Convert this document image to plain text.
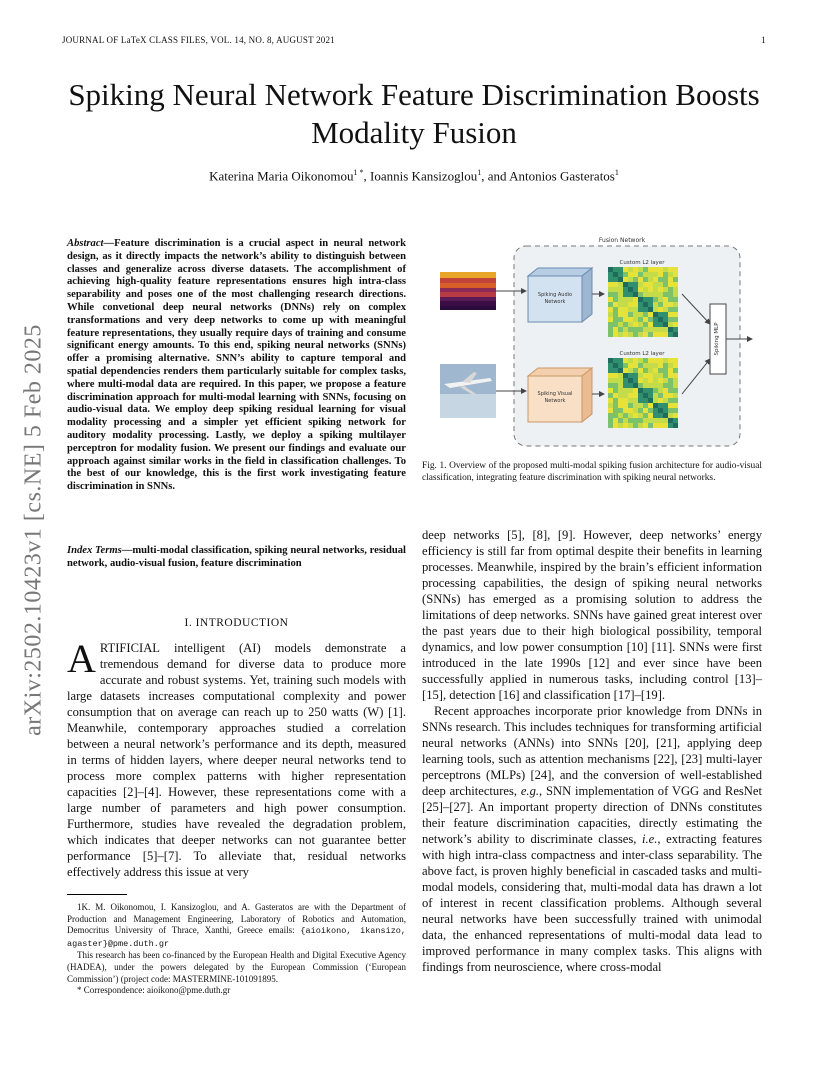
JOURNAL OF LaTeX CLASS FILES, VOL. 14, NO. 8, AUGUST 2021	1
Spiking Neural Network Feature Discrimination Boosts Modality Fusion
Katerina Maria Oikonomou$^{1 *}$, Ioannis Kansizoglou$^1$, and Antonios Gasteratos$^1$
arXiv:2502.10423v1 [cs.NE] 5 Feb 2025
Abstract—Feature discrimination is a crucial aspect in neural network design, as it directly impacts the network’s ability to distinguish between classes and generalize across diverse datasets. The accomplishment of achieving high-quality feature representations ensures high intra-class separability and poses one of the most challenging research directions. While convetional deep neural networks (DNNs) rely on complex transformations and very deep networks to come up with meaningful feature representations, they usually require days of training and consume significant energy amounts. To this end, spiking neural networks (SNNs) offer a promising alternative. SNN’s ability to capture temporal and spatial dependencies renders them particularly suitable for complex tasks, where multi-modal data are required. In this paper, we propose a feature discrimination approach for multi-modal learning with SNNs, focusing on audio-visual data. We employ deep spiking residual learning for visual modality processing and a simpler yet efficient spiking network for auditory modality processing. Lastly, we deploy a spiking multilayer perceptron for modality fusion. We present our findings and evaluate our approach against similar works in the field in classification challenges. To the best of our knowledge, this is the first work investigating feature discrimination in SNNs.
Index Terms—multi-modal classification, spiking neural networks, residual network, audio-visual fusion, feature discrimination
I. INTRODUCTION
ARTIFICIAL intelligent (AI) models demonstrate a tremendous demand for diverse data to produce more accurate and robust systems. Yet, training such models with large datasets increases computational complexity and power consumption that on average can reach up to 250 watts (W) [1]. Meanwhile, contemporary approaches studied a correlation between a neural network’s performance and its depth, measured in terms of hidden layers, where deeper neural networks tend to process more complex patterns with higher representation capacities [2]–[4]. However, these representations come with a large number of parameters and high power consumption. Furthermore, studies have revealed the degradation problem, which indicates that deeper networks can not guarantee better performance [5]–[7]. To alleviate that, residual networks effectively address this issue at very

1K. M. Oikonomou, I. Kansizoglou, and A. Gasteratos are with the Department of Production and Management Engineering, Laboratory of Robotics and Automation, Democritus University of Thrace, Xanthi, Greece emails: {aioikono, ikansizo, agaster}@pme.duth.gr

This research has been co-financed by the European Health and Digital Executive Agency (HADEA), under the powers delegated by the European Commission (‘European Commission’) (project code: MASTERMINE-101091895.

* Correspondence: aioikono@pme.duth.gr

Fusion Network
Spiking Audio
Network
Spiking Visual
Network
Custom L2 layer
Custom L2 layer	Spiking MLP
Fig. 1. Overview of the proposed multi-modal spiking fusion architecture for audio-visual classification, integrating feature discrimination with spiking neural networks.

deep networks [5], [8], [9]. However, deep networks’ energy efficiency is still far from optimal despite their benefits in learning processes. Meanwhile, inspired by the brain’s efficient information processing capabilities, the design of spiking neural networks (SNNs) has emerged as a promising solution to address the limitations of deep networks. SNNs have gained great interest over the past years due to their high biological possibility, temporal dynamics, and low power consumption [10] [11]. SNNs were first introduced in the late 1990s [12] and ever since have been successfully applied in numerous tasks, including control [13]–[15], detection [16] and classification [17]–[19].

Recent approaches incorporate prior knowledge from DNNs in SNNs research. This includes techniques for transforming artificial neural networks (ANNs) into SNNs [20], [21], applying deep learning tools, such as attention mechanisms [22], [23] multi-layer perceptrons (MLPs) [24], and the conversion of well-established deep architectures, e.g., SNN implementation of VGG and ResNet [25]–[27]. An important property direction of DNNs constitutes their feature discrimination capacities, directly estimating the network’s ability to discriminate classes, i.e., extracting features with high intra-class compactness and inter-class separability. The above fact, is proven highly beneficial in cascaded tasks and multi-modal models, considering that, multi-modal data has drawn a lot of interest in recent classification problems. Although several neural networks have been successfully trained with unimodal data, the enhanced representations of multi-modal data lead to improved performance in many complex tasks. This aligns with findings from neuroscience, where cross-modal
